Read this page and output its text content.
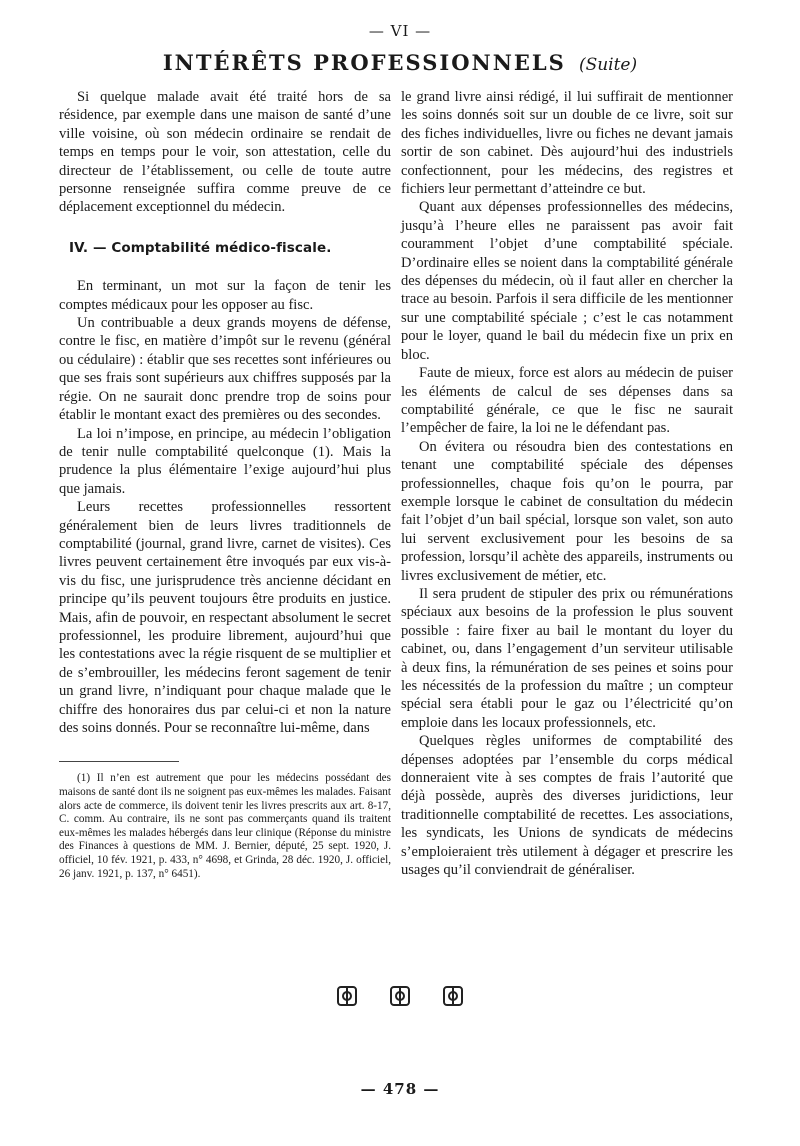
— VI —
INTÉRÊTS PROFESSIONNELS (Suite)

Si quelque malade avait été traité hors de sa résidence, par exemple dans une maison de santé d’une ville voisine, où son médecin ordinaire se rendait de temps en temps pour le voir, son attestation, celle du directeur de l’établissement, ou celle de toute autre personne renseignée suffira comme preuve de ce déplacement exceptionnel du médecin.

IV. — Comptabilité médico-fiscale.

En terminant, un mot sur la façon de tenir les comptes médicaux pour les opposer au fisc.

Un contribuable a deux grands moyens de défense, contre le fisc, en matière d’impôt sur le revenu (général ou cédulaire) : établir que ses recettes sont inférieures ou que ses frais sont supérieurs aux chiffres supposés par la régie. On ne saurait donc prendre trop de soins pour établir le montant exact des premières ou des secondes.

La loi n’impose, en principe, au médecin l’obligation de tenir nulle comptabilité quelconque (1). Mais la prudence la plus élémentaire l’exige aujourd’hui plus que jamais.

Leurs recettes professionnelles ressortent généralement bien de leurs livres traditionnels de comptabilité (journal, grand livre, carnet de visites). Ces livres peuvent certainement être invoqués par eux vis-à-vis du fisc, une jurisprudence très ancienne décidant en principe qu’ils peuvent toujours être produits en justice. Mais, afin de pouvoir, en respectant absolument le secret professionnel, les produire librement, aujourd’hui que les contestations avec la régie risquent de se multiplier et de s’embrouiller, les médecins feront sagement de tenir un grand livre, n’indiquant pour chaque malade que le chiffre des honoraires dus par celui-ci et non la nature des soins donnés. Pour se reconnaître lui-même, dans

(1) Il n’en est autrement que pour les médecins possédant des maisons de santé dont ils ne soignent pas eux-mêmes les malades. Faisant alors acte de commerce, ils doivent tenir les livres prescrits aux art. 8-17, C. comm. Au contraire, ils ne sont pas commerçants quand ils traitent eux-mêmes les malades hébergés dans leur clinique (Réponse du ministre des Finances à questions de MM. J. Bernier, député, 25 sept. 1920, J. officiel, 10 fév. 1921, p. 433, n° 4698, et Grinda, 28 déc. 1920, J. officiel, 26 janv. 1921, p. 137, n° 6451).

le grand livre ainsi rédigé, il lui suffirait de mentionner les soins donnés soit sur un double de ce livre, soit sur des fiches individuelles, livre ou fiches ne devant jamais sortir de son cabinet. Dès aujourd’hui des industriels confectionnent, pour les médecins, des registres et fichiers leur permettant d’atteindre ce but.

Quant aux dépenses professionnelles des médecins, jusqu’à l’heure elles ne paraissent pas avoir fait couramment l’objet d’une comptabilité spéciale. D’ordinaire elles se noient dans la comptabilité générale des dépenses du médecin, où il faut aller en chercher la trace au besoin. Parfois il sera difficile de les mentionner sur une comptabilité spéciale ; c’est le cas notamment pour le loyer, quand le bail du médecin fixe un prix en bloc.

Faute de mieux, force est alors au médecin de puiser les éléments de calcul de ses dépenses dans sa comptabilité générale, ce que le fisc ne saurait l’empêcher de faire, la loi ne le défendant pas.

On évitera ou résoudra bien des contestations en tenant une comptabilité spéciale des dépenses professionnelles, chaque fois qu’on le pourra, par exemple lorsque le cabinet de consultation du médecin fait l’objet d’un bail spécial, lorsque son valet, son auto lui servent exclusivement pour les besoins de sa profession, lorsqu’il achète des appareils, instruments ou livres exclusivement de métier, etc.

Il sera prudent de stipuler des prix ou rémunérations spéciaux aux besoins de la profession le plus souvent possible : faire fixer au bail le montant du loyer du cabinet, ou, dans l’engagement d’un serviteur utilisable à deux fins, la rémunération de ses peines et soins pour les nécessités de la profession du maître ; un compteur spécial sera établi pour le gaz ou l’électricité qu’on emploie dans les locaux professionnels, etc.

Quelques règles uniformes de comptabilité des dépenses adoptées par l’ensemble du corps médical donneraient vite à ses comptes de frais l’autorité que déjà possède, auprès des diverses juridictions, leur traditionnelle comptabilité de recettes. Les associations, les syndicats, les Unions de syndicats de médecins s’emploieraient très utilement à dégager et prescrire les usages qu’il conviendrait de généraliser.

— 478 —
